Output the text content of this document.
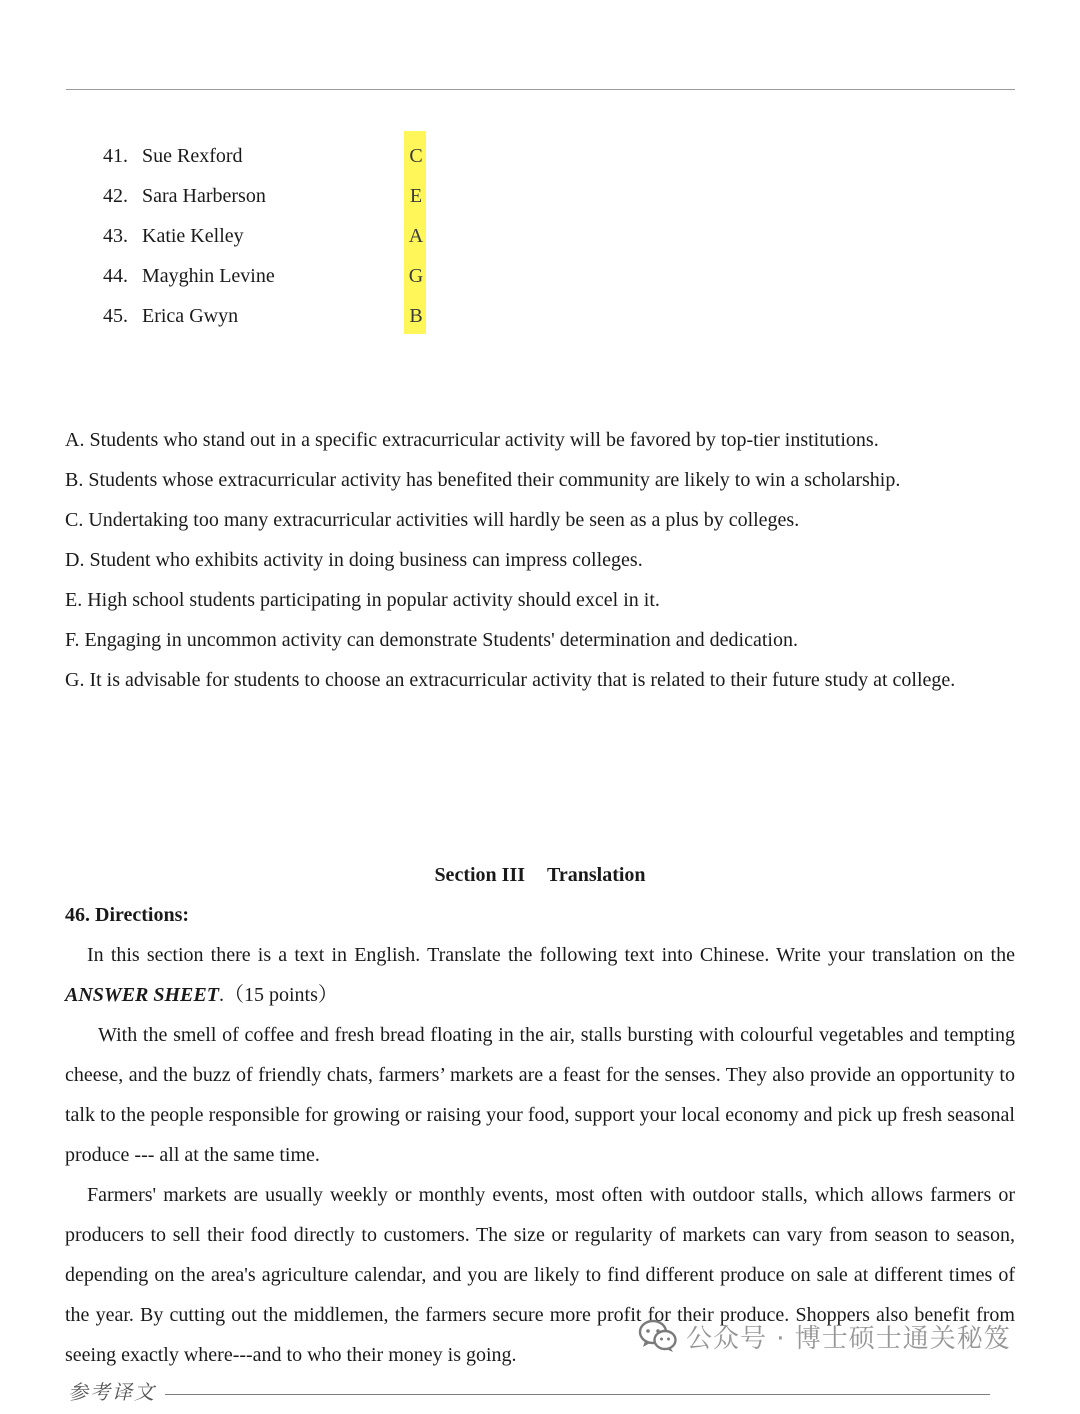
41. Sue Rexford	C
42. Sara Harberson	E
43. Katie Kelley	A
44. Mayghin Levine	G
45. Erica Gwyn	B
A. Students who stand out in a specific extracurricular activity will be favored by top-tier institutions.
B. Students whose extracurricular activity has benefited their community are likely to win a scholarship.
C. Undertaking too many extracurricular activities will hardly be seen as a plus by colleges.
D. Student who exhibits activity in doing business can impress colleges.
E. High school students participating in popular activity should excel in it.
F. Engaging in uncommon activity can demonstrate Students' determination and dedication.
G. It is advisable for students to choose an extracurricular activity that is related to their future study at college.
Section III Translation
46. Directions:

In this section there is a text in English. Translate the following text into Chinese. Write your translation on the ANSWER SHEET.（15 points）

With the smell of coffee and fresh bread floating in the air, stalls bursting with colourful vegetables and tempting cheese, and the buzz of friendly chats, farmers’ markets are a feast for the senses. They also provide an opportunity to talk to the people responsible for growing or raising your food, support your local economy and pick up fresh seasonal produce --- all at the same time.

Farmers' markets are usually weekly or monthly events, most often with outdoor stalls, which allows farmers or producers to sell their food directly to customers. The size or regularity of markets can vary from season to season, depending on the area's agriculture calendar, and you are likely to find different produce on sale at different times of the year. By cutting out the middlemen, the farmers secure more profit for their produce. Shoppers also benefit from seeing exactly where---and to who their money is going.

公众号 · 博士硕士通关秘笈
参考译文
